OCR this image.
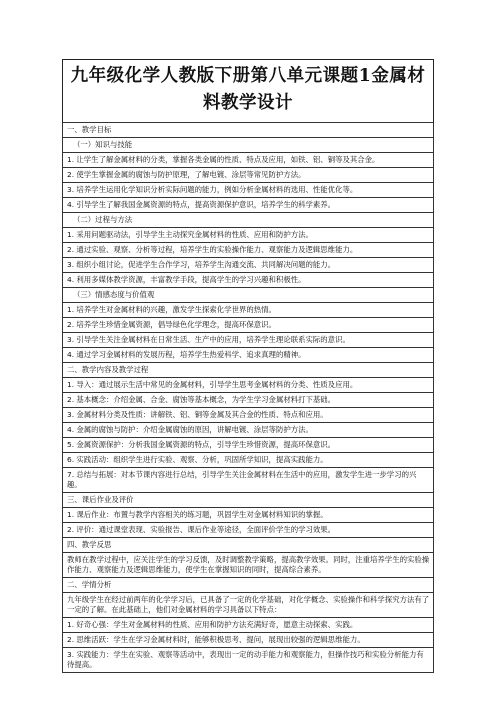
九年级化学人教版下册第八单元课题1金属材料教学设计
一、教学目标
（一）知识与技能
1. 让学生了解金属材料的分类，掌握各类金属的性质、特点及应用，如铁、铝、铜等及其合金。
2. 使学生掌握金属的腐蚀与防护原理，了解电镀、涂层等常见防护方法。
3. 培养学生运用化学知识分析实际问题的能力，例如分析金属材料的选用、性能优化等。
4. 引导学生了解我国金属资源的特点，提高资源保护意识，培养学生的科学素养。
（二）过程与方法
1. 采用问题驱动法，引导学生主动探究金属材料的性质、应用和防护方法。
2. 通过实验、观察、分析等过程，培养学生的实验操作能力、观察能力及逻辑思维能力。
3. 组织小组讨论，促进学生合作学习，培养学生沟通交流、共同解决问题的能力。
4. 利用多媒体教学资源，丰富教学手段，提高学生的学习兴趣和积极性。
（三）情感态度与价值观
1. 培养学生对金属材料的兴趣，激发学生探索化学世界的热情。
2. 培养学生珍惜金属资源，倡导绿色化学理念，提高环保意识。
3. 引导学生关注金属材料在日常生活、生产中的应用，培养学生理论联系实际的意识。
4. 通过学习金属材料的发展历程，培养学生热爱科学、追求真理的精神。
二、教学内容及教学过程
1. 导入：通过展示生活中常见的金属材料，引导学生思考金属材料的分类、性质及应用。
2. 基本概念：介绍金属、合金、腐蚀等基本概念，为学生学习金属材料打下基础。
3. 金属材料分类及性质：讲解铁、铝、铜等金属及其合金的性质、特点和应用。
4. 金属的腐蚀与防护：介绍金属腐蚀的原因，讲解电镀、涂层等防护方法。
5. 金属资源保护：分析我国金属资源的特点，引导学生珍惜资源，提高环保意识。
6. 实践活动：组织学生进行实验、观察、分析，巩固所学知识，提高实践能力。
7. 总结与拓展：对本节课内容进行总结，引导学生关注金属材料在生活中的应用，激发学生进一步学习的兴趣。
三、课后作业及评价
1. 课后作业：布置与教学内容相关的练习题，巩固学生对金属材料知识的掌握。
2. 评价：通过课堂表现、实验报告、课后作业等途径，全面评价学生的学习效果。
四、教学反思
教师在教学过程中，应关注学生的学习反馈，及时调整教学策略，提高教学效果。同时，注重培养学生的实验操作能力、观察能力及逻辑思维能力，使学生在掌握知识的同时，提高综合素养。
二、学情分析
九年级学生在经过前两年的化学学习后，已具备了一定的化学基础，对化学概念、实验操作和科学探究方法有了一定的了解。在此基础上，他们对金属材料的学习具备以下特点：
1. 好奇心强：学生对金属材料的性质、应用和防护方法充满好奇，愿意主动探索、实践。
2. 思维活跃：学生在学习金属材料时，能够积极思考、提问，展现出较强的逻辑思维能力。
3. 实践能力：学生在实验、观察等活动中，表现出一定的动手能力和观察能力，但操作技巧和实验分析能力有待提高。
